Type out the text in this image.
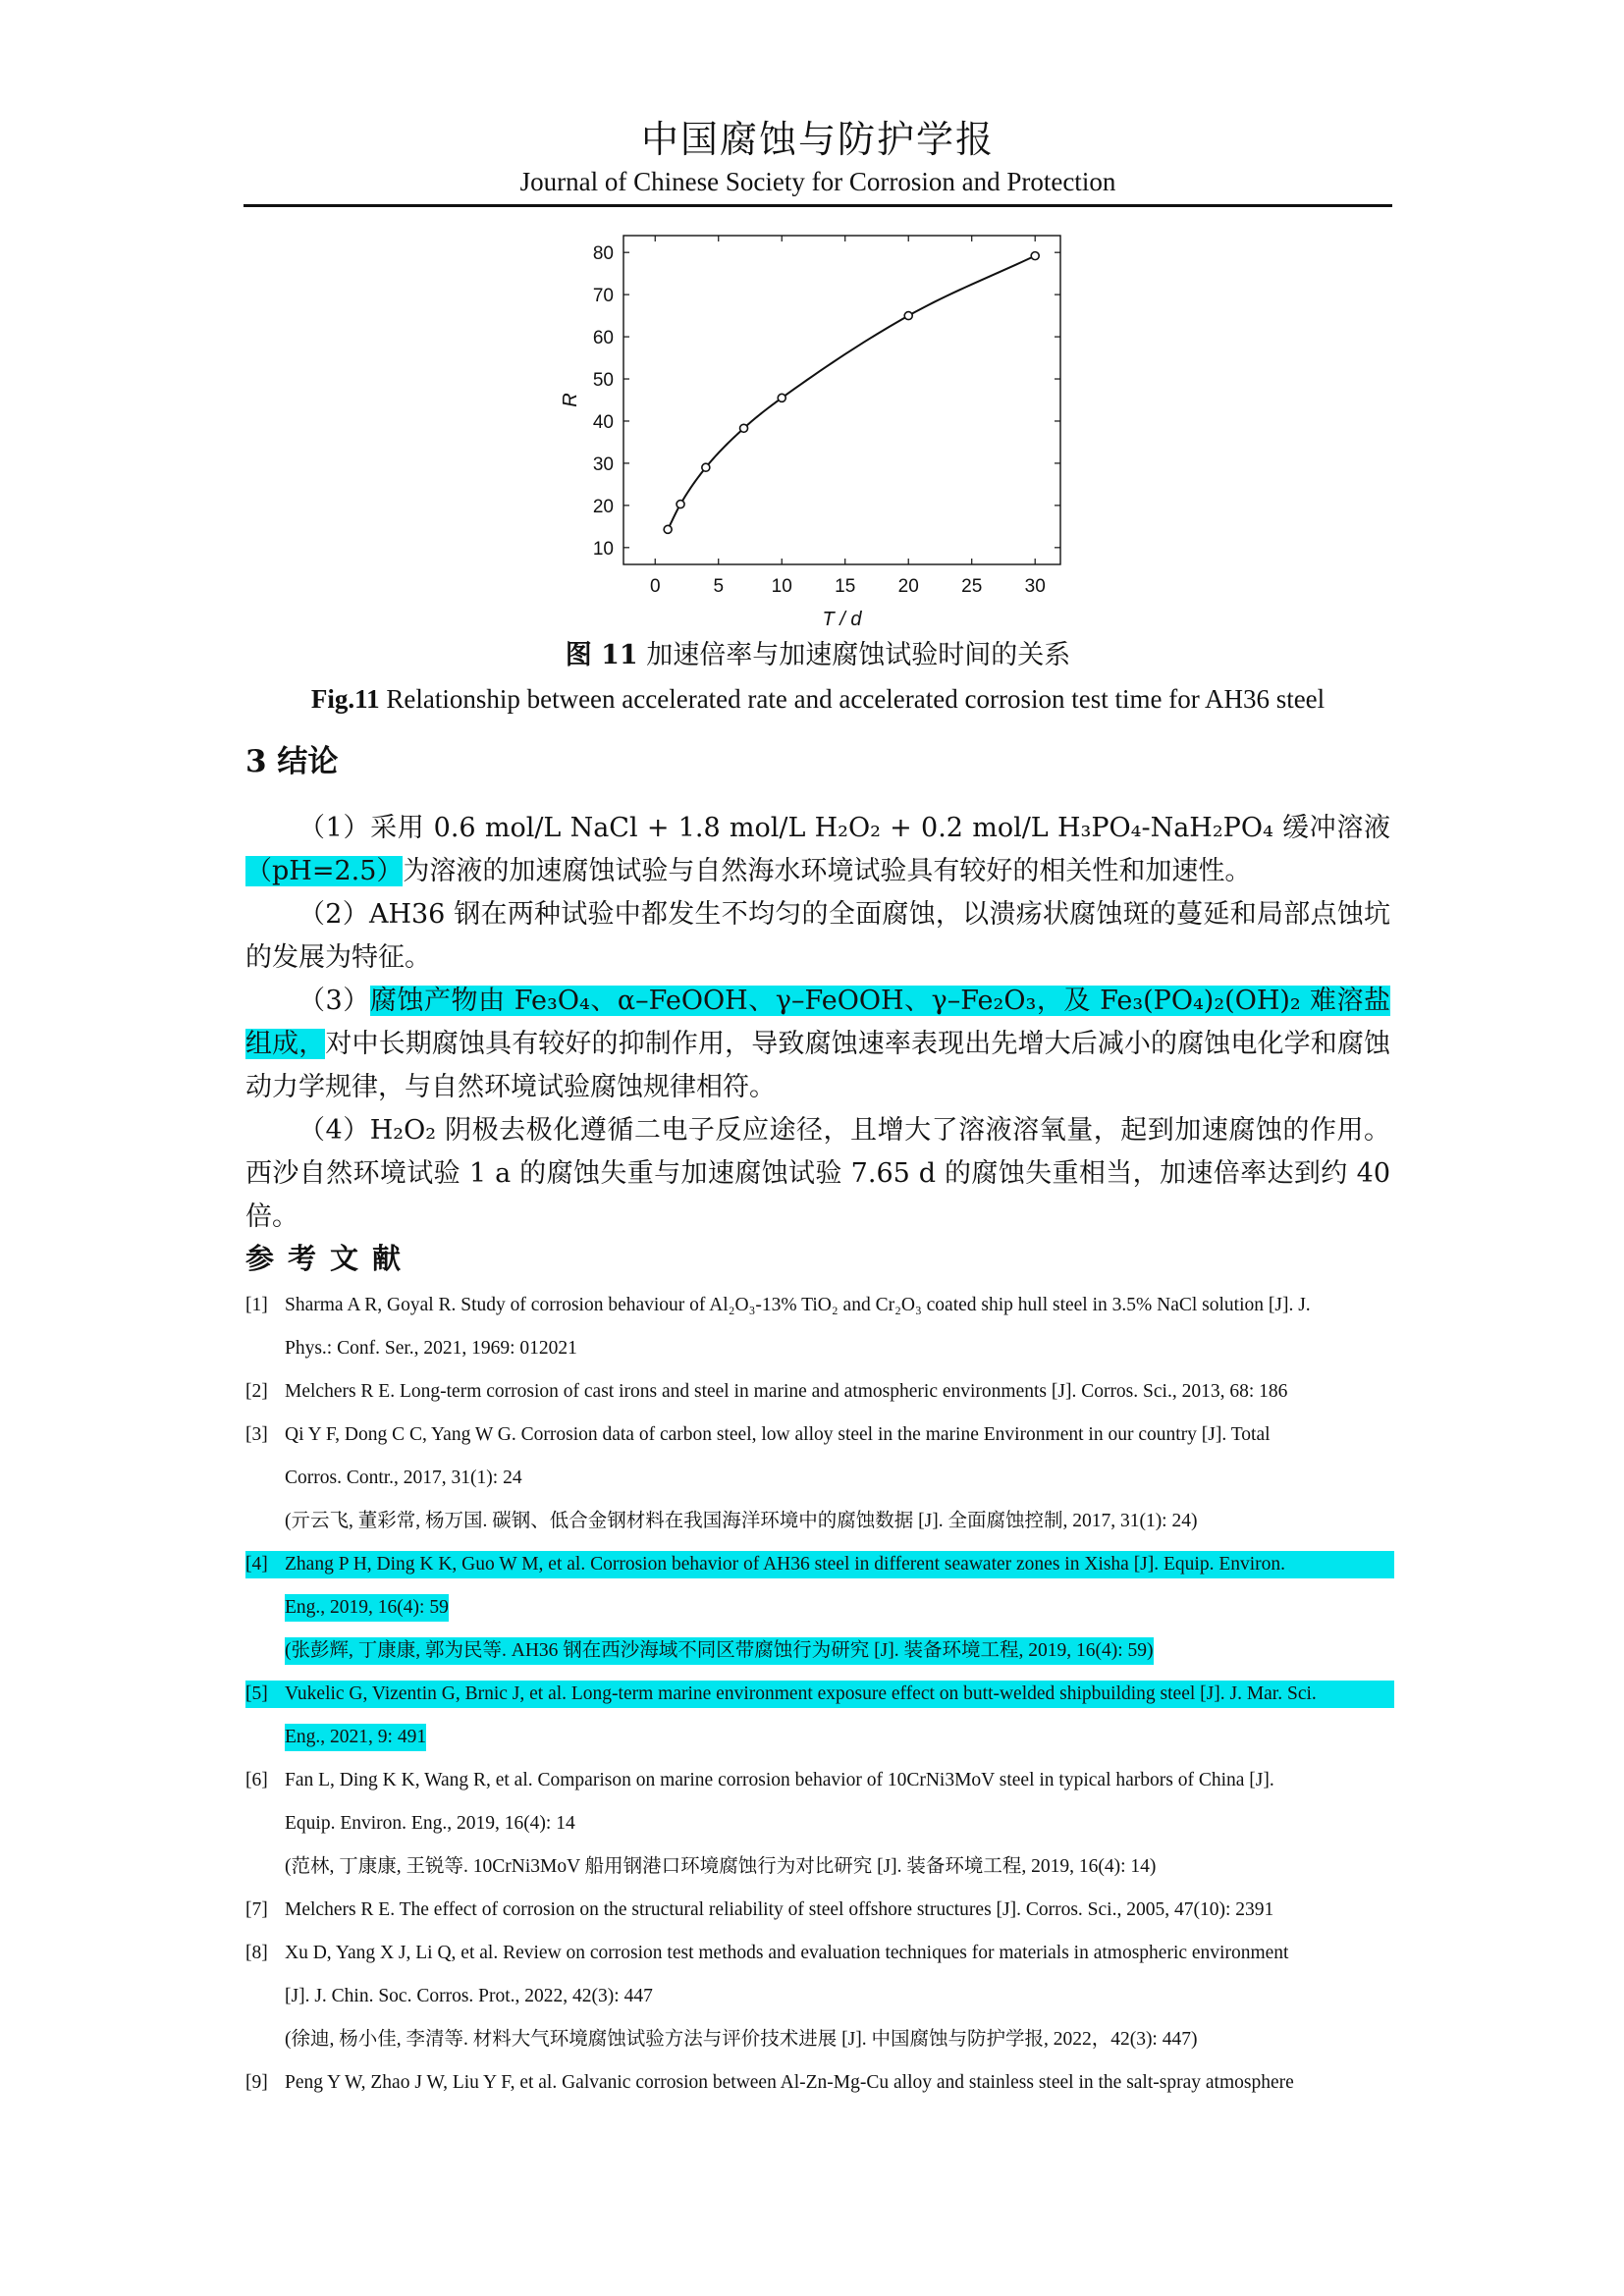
中国腐蚀与防护学报
Journal of Chinese Society for Corrosion and Protection
0	5	10 15 20 25 30
10
20
30
40
50
60
70
80
T / d
R
图 11 加速倍率与加速腐蚀试验时间的关系
Fig.11 Relationship between accelerated rate and accelerated corrosion test time for AH36 steel
3 结论

（1）采用 0.6 mol/L NaCl + 1.8 mol/L H₂O₂ + 0.2 mol/L H₃PO₄-NaH₂PO₄ 缓冲溶液（pH=2.5）为溶液的加速腐蚀试验与自然海水环境试验具有较好的相关性和加速性。

（2）AH36 钢在两种试验中都发生不均匀的全面腐蚀，以溃疡状腐蚀斑的蔓延和局部点蚀坑的发展为特征。

（3）腐蚀产物由 Fe₃O₄、α–FeOOH、γ–FeOOH、γ–Fe₂O₃，及 Fe₃(PO₄)₂(OH)₂ 难溶盐组成，对中长期腐蚀具有较好的抑制作用，导致腐蚀速率表现出先增大后减小的腐蚀电化学和腐蚀动力学规律，与自然环境试验腐蚀规律相符。

（4）H₂O₂ 阴极去极化遵循二电子反应途径，且增大了溶液溶氧量，起到加速腐蚀的作用。西沙自然环境试验 1 a 的腐蚀失重与加速腐蚀试验 7.65 d 的腐蚀失重相当，加速倍率达到约 40 倍。

参考文献
[1] Sharma A R, Goyal R. Study of corrosion behaviour of Al₂O₃-13% TiO₂ and Cr₂O₃ coated ship hull steel in 3.5% NaCl solution [J]. J.
Phys.: Conf. Ser., 2021, 1969: 012021
[2] Melchers R E. Long-term corrosion of cast irons and steel in marine and atmospheric environments [J]. Corros. Sci., 2013, 68: 186
[3] Qi Y F, Dong C C, Yang W G. Corrosion data of carbon steel, low alloy steel in the marine Environment in our country [J]. Total
Corros. Contr., 2017, 31(1): 24
(亓云飞, 董彩常, 杨万国. 碳钢、低合金钢材料在我国海洋环境中的腐蚀数据 [J]. 全面腐蚀控制, 2017, 31(1): 24)
[4] Zhang P H, Ding K K, Guo W M, et al. Corrosion behavior of AH36 steel in different seawater zones in Xisha [J]. Equip. Environ.
Eng., 2019, 16(4): 59
(张彭辉, 丁康康, 郭为民等. AH36 钢在西沙海域不同区带腐蚀行为研究 [J]. 装备环境工程, 2019, 16(4): 59)
[5] Vukelic G, Vizentin G, Brnic J, et al. Long-term marine environment exposure effect on butt-welded shipbuilding steel [J]. J. Mar. Sci.
Eng., 2021, 9: 491
[6] Fan L, Ding K K, Wang R, et al. Comparison on marine corrosion behavior of 10CrNi3MoV steel in typical harbors of China [J].
Equip. Environ. Eng., 2019, 16(4): 14
(范林, 丁康康, 王锐等. 10CrNi3MoV 船用钢港口环境腐蚀行为对比研究 [J]. 装备环境工程, 2019, 16(4): 14)
[7] Melchers R E. The effect of corrosion on the structural reliability of steel offshore structures [J]. Corros. Sci., 2005, 47(10): 2391
[8] Xu D, Yang X J, Li Q, et al. Review on corrosion test methods and evaluation techniques for materials in atmospheric environment
[J]. J. Chin. Soc. Corros. Prot., 2022, 42(3): 447
(徐迪, 杨小佳, 李清等. 材料大气环境腐蚀试验方法与评价技术进展 [J]. 中国腐蚀与防护学报, 2022，42(3): 447)
[9] Peng Y W, Zhao J W, Liu Y F, et al. Galvanic corrosion between Al-Zn-Mg-Cu alloy and stainless steel in the salt-spray atmosphere
